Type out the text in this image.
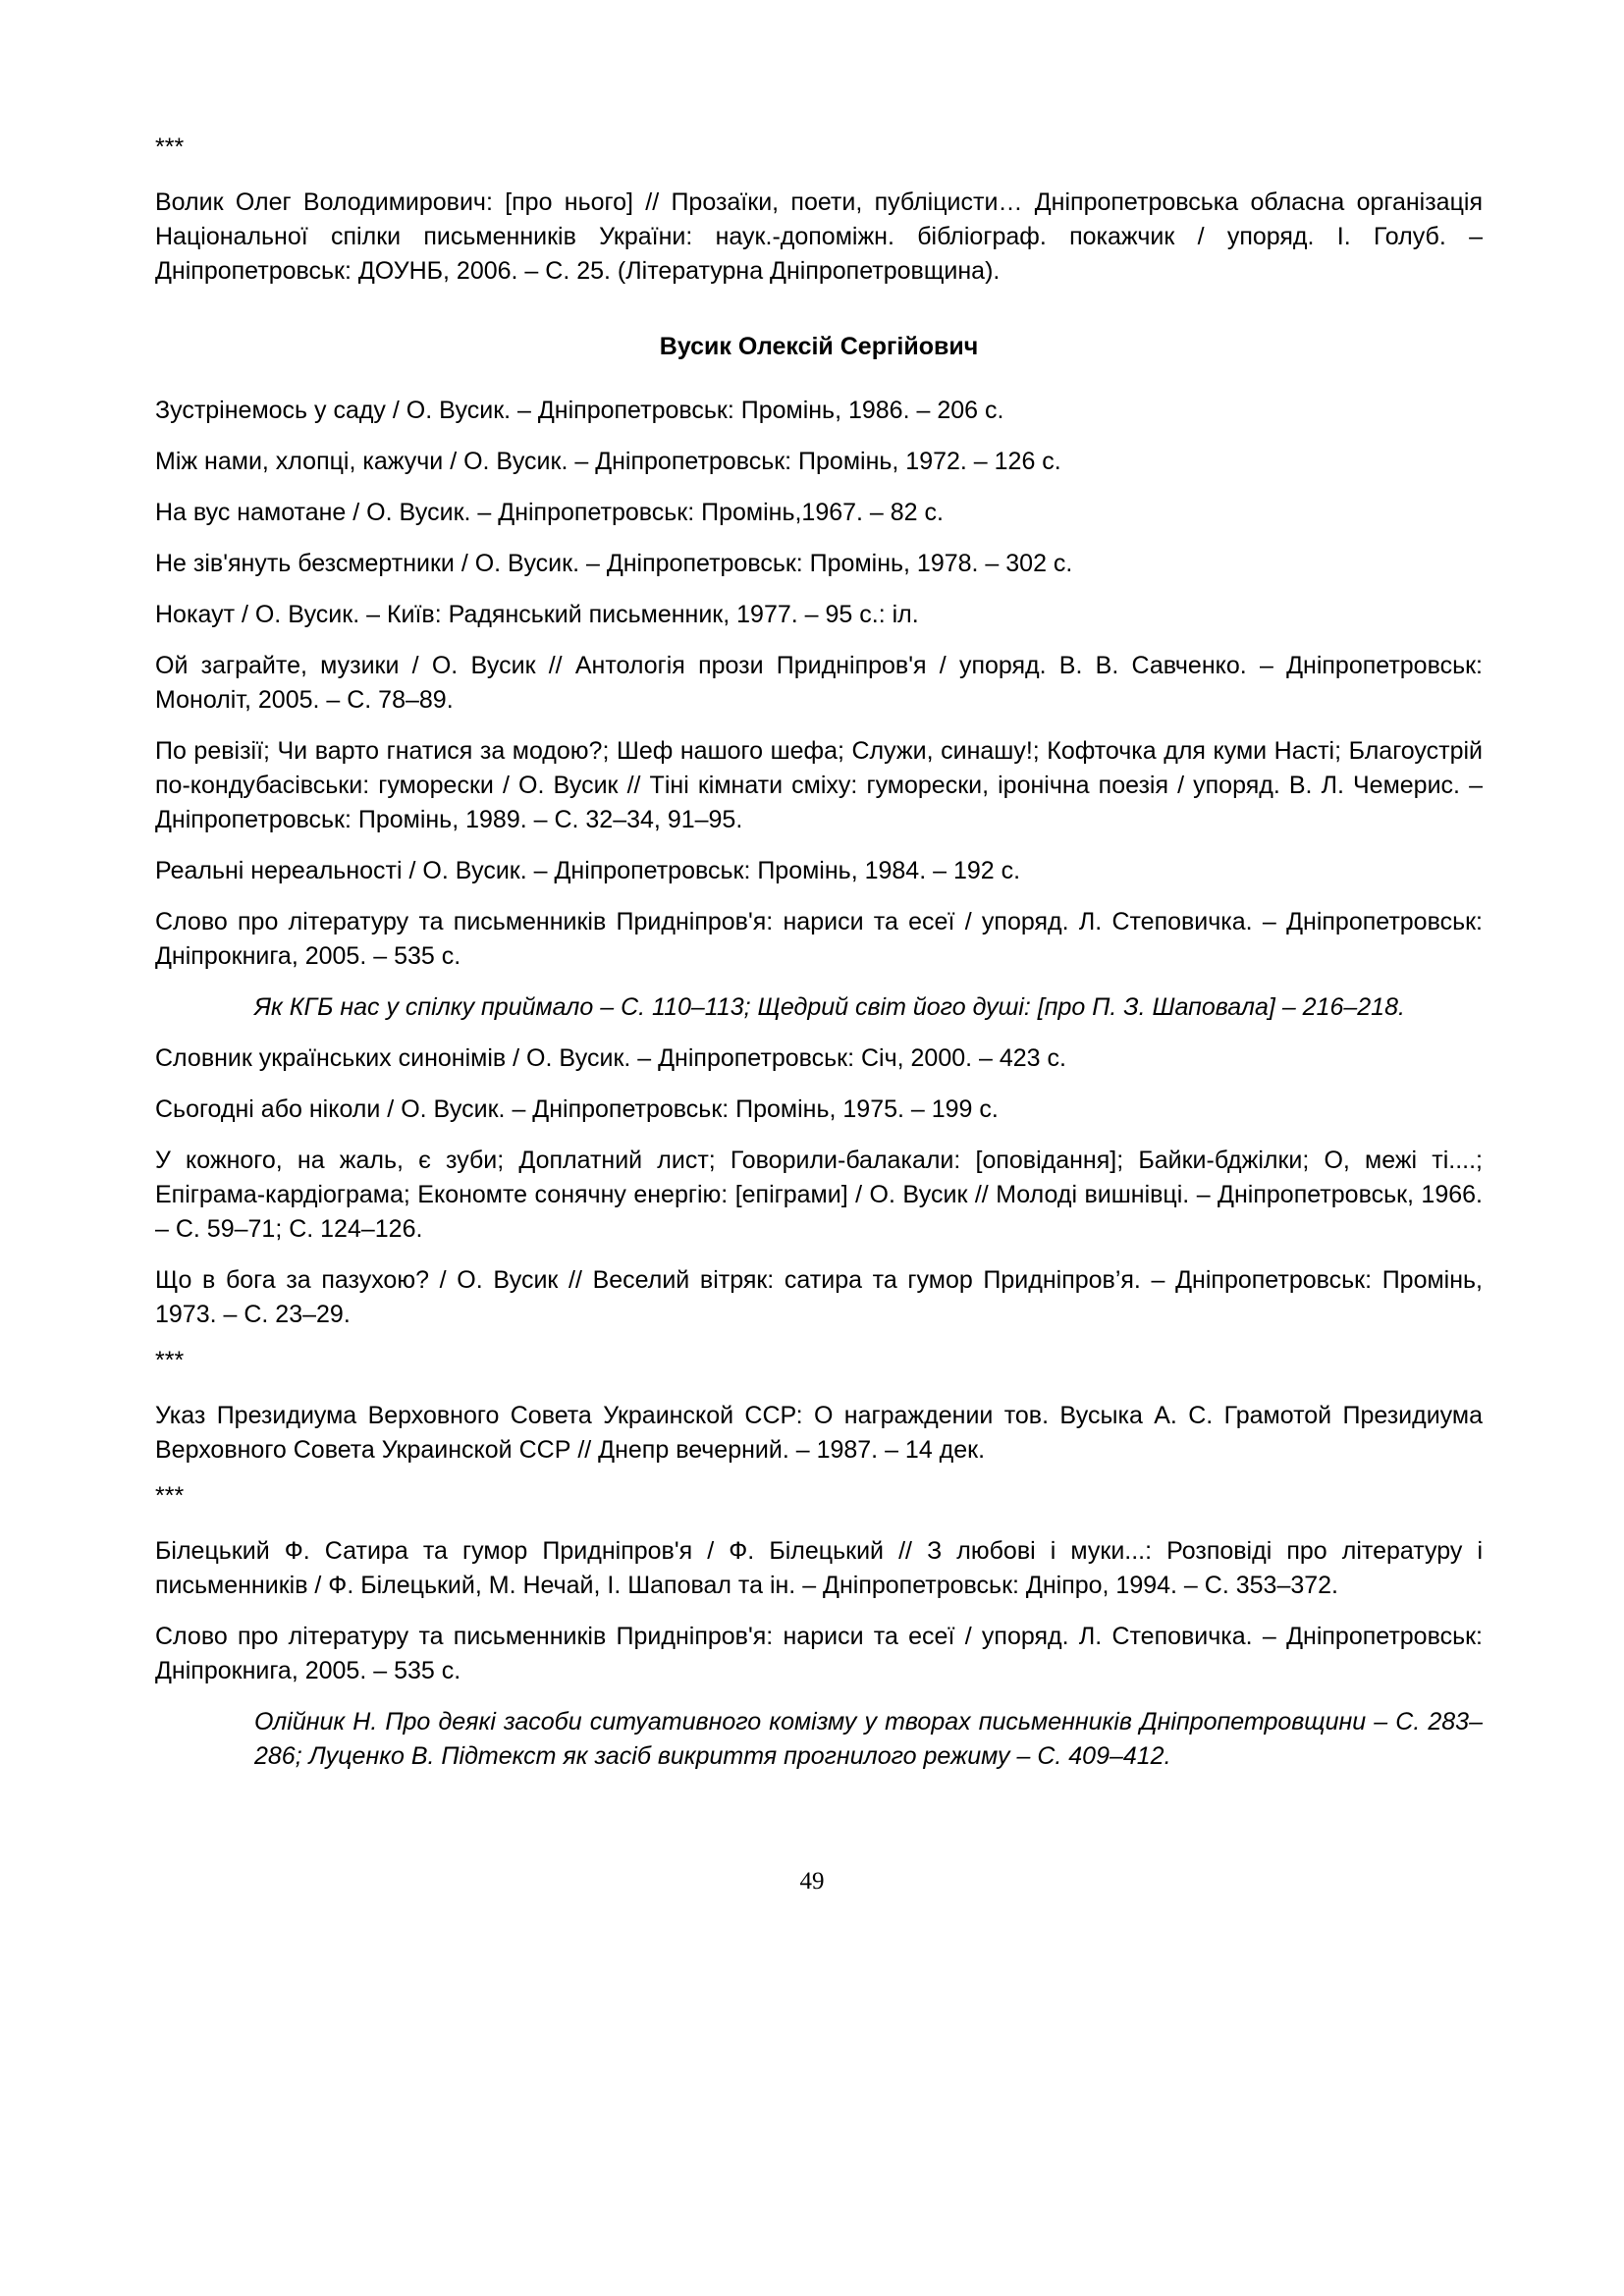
***

Волик Олег Володимирович: [про нього] // Прозаїки, поети, публіцисти… Дніпропетровська обласна організація Національної спілки письменників України: наук.-допоміжн. бібліограф. покажчик / упоряд. І. Голуб. – Дніпропетровськ: ДОУНБ, 2006. – С. 25. (Літературна Дніпропетровщина).

Вусик Олексій Сергійович

Зустрінемось у саду / О. Вусик. – Дніпропетровськ: Промінь, 1986. – 206 с.

Між нами, хлопці, кажучи / О. Вусик. – Дніпропетровськ: Промінь, 1972. – 126 с.

На вус намотане / О. Вусик. – Дніпропетровськ: Промінь,1967. – 82 с.

Не зів'януть безсмертники / О. Вусик. – Дніпропетровськ: Промінь, 1978. – 302 с.

Нокаут / О. Вусик. – Київ: Радянський письменник, 1977. – 95 с.: іл.

Ой заграйте, музики / О. Вусик // Антологія прози Придніпров'я / упоряд. В. В. Савченко. – Дніпропетровськ: Моноліт, 2005. – С. 78–89.

По ревізії; Чи варто гнатися за модою?; Шеф нашого шефа; Служи, синашу!; Кофточка для куми Насті; Благоустрій по-кондубасівськи: гуморески / О. Вусик // Тіні кімнати сміху: гуморески, іронічна поезія / упоряд. В. Л. Чемерис. – Дніпропетровськ: Промінь, 1989. – С. 32–34, 91–95.

Реальні нереальності / О. Вусик. – Дніпропетровськ: Промінь, 1984. – 192 с.

Слово про літературу та письменників Придніпров'я: нариси та есеї / упоряд. Л. Степовичка. – Дніпропетровськ: Дніпрокнига, 2005. – 535 с.

Як КГБ нас у спілку приймало – С. 110–113; Щедрий світ його душі: [про П. З. Шаповала] – 216–218.

Словник українських синонімів / О. Вусик. – Дніпропетровськ: Січ, 2000. – 423 с.

Сьогодні або ніколи / О. Вусик. – Дніпропетровськ: Промінь, 1975. – 199 с.

У кожного, на жаль, є зуби; Доплатний лист; Говорили-балакали: [оповідання]; Байки-бджілки; О, межі ті....; Епіграма-кардіограма; Економте сонячну енергію: [епіграми] / О. Вусик // Молоді вишнівці. – Дніпропетровськ, 1966. – С. 59–71; С. 124–126.

Що в бога за пазухою? / О. Вусик // Веселий вітряк: сатира та гумор Придніпров’я. – Дніпропетровськ: Промінь, 1973. – С. 23–29.

***

Указ Президиума Верховного Совета Украинской ССР: О награждении тов. Вусыка А. С. Грамотой Президиума Верховного Совета Украинской ССР // Днепр вечерний. – 1987. – 14 дек.

***

Білецький Ф. Сатира та гумор Придніпров'я / Ф. Білецький // З любові і муки...: Розповіді про літературу і письменників / Ф. Білецький, М. Нечай, І. Шаповал та ін. – Дніпропетровськ: Дніпро, 1994. – С. 353–372.

Слово про літературу та письменників Придніпров'я: нариси та есеї / упоряд. Л. Степовичка. – Дніпропетровськ: Дніпрокнига, 2005. – 535 с.

Олійник Н. Про деякі засоби ситуативного комізму у творах письменників Дніпропетровщини – С. 283–286; Луценко В. Підтекст як засіб викриття прогнилого режиму – С. 409–412.

49
